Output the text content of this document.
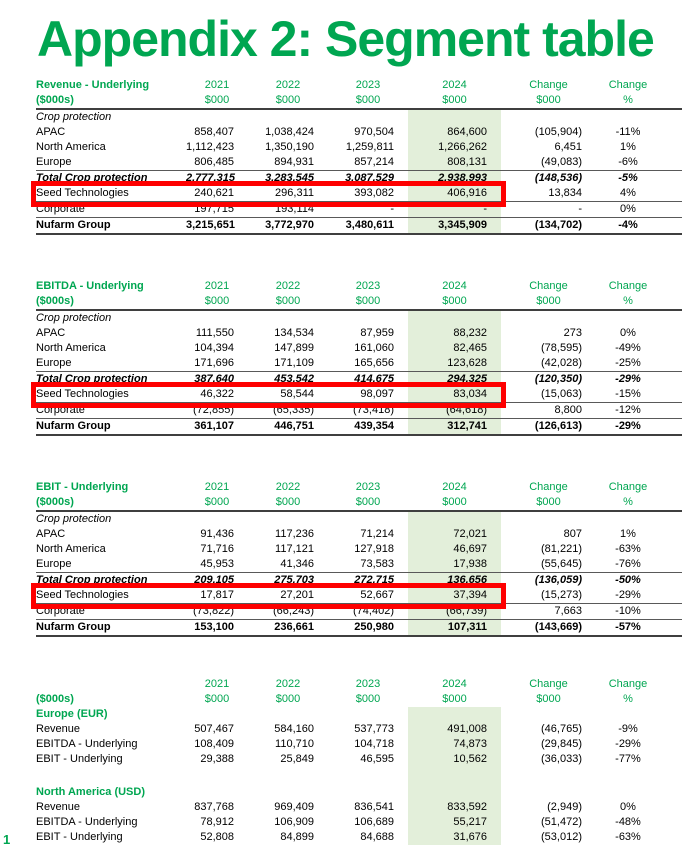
Appendix 2: Segment table
Revenue - Underlying	2021	2022	2023	2024	Change	Change
($000s)	$000	$000	$000	$000	$000	%
Crop protection						
APAC	858,407	1,038,424	970,504	864,600	(105,904)	-11%
North America	1,112,423	1,350,190	1,259,811	1,266,262	6,451	1%
Europe	806,485	894,931	857,214	808,131	(49,083)	-6%
Total Crop protection	2,777,315	3,283,545	3,087,529	2,938,993	(148,536)	-5%
Seed Technologies	240,621	296,311	393,082	406,916	13,834	4%
Corporate	197,715	193,114	-	-	-	0%
Nufarm Group	3,215,651	3,772,970	3,480,611	3,345,909	(134,702)	-4%
EBITDA - Underlying	2021	2022	2023	2024	Change	Change
($000s)	$000	$000	$000	$000	$000	%
Crop protection						
APAC	111,550	134,534	87,959	88,232	273	0%
North America	104,394	147,899	161,060	82,465	(78,595)	-49%
Europe	171,696	171,109	165,656	123,628	(42,028)	-25%
Total Crop protection	387,640	453,542	414,675	294,325	(120,350)	-29%
Seed Technologies	46,322	58,544	98,097	83,034	(15,063)	-15%
Corporate	(72,855)	(65,335)	(73,418)	(64,618)	8,800	-12%
Nufarm Group	361,107	446,751	439,354	312,741	(126,613)	-29%
EBIT - Underlying	2021	2022	2023	2024	Change	Change
($000s)	$000	$000	$000	$000	$000	%
Crop protection						
APAC	91,436	117,236	71,214	72,021	807	1%
North America	71,716	117,121	127,918	46,697	(81,221)	-63%
Europe	45,953	41,346	73,583	17,938	(55,645)	-76%
Total Crop protection	209,105	275,703	272,715	136,656	(136,059)	-50%
Seed Technologies	17,817	27,201	52,667	37,394	(15,273)	-29%
Corporate	(73,822)	(66,243)	(74,402)	(66,739)	7,663	-10%
Nufarm Group	153,100	236,661	250,980	107,311	(143,669)	-57%
	2021	2022	2023	2024	Change	Change
($000s)	$000	$000	$000	$000	$000	%
Europe (EUR)						
Revenue	507,467	584,160	537,773	491,008	(46,765)	-9%
EBITDA - Underlying	108,409	110,710	104,718	74,873	(29,845)	-29%
EBIT - Underlying	29,388	25,849	46,595	10,562	(36,033)	-77%

North America (USD)						
Revenue	837,768	969,409	836,541	833,592	(2,949)	0%
EBITDA - Underlying	78,912	106,909	106,689	55,217	(51,472)	-48%
EBIT - Underlying	52,808	84,899	84,688	31,676	(53,012)	-63%
1
